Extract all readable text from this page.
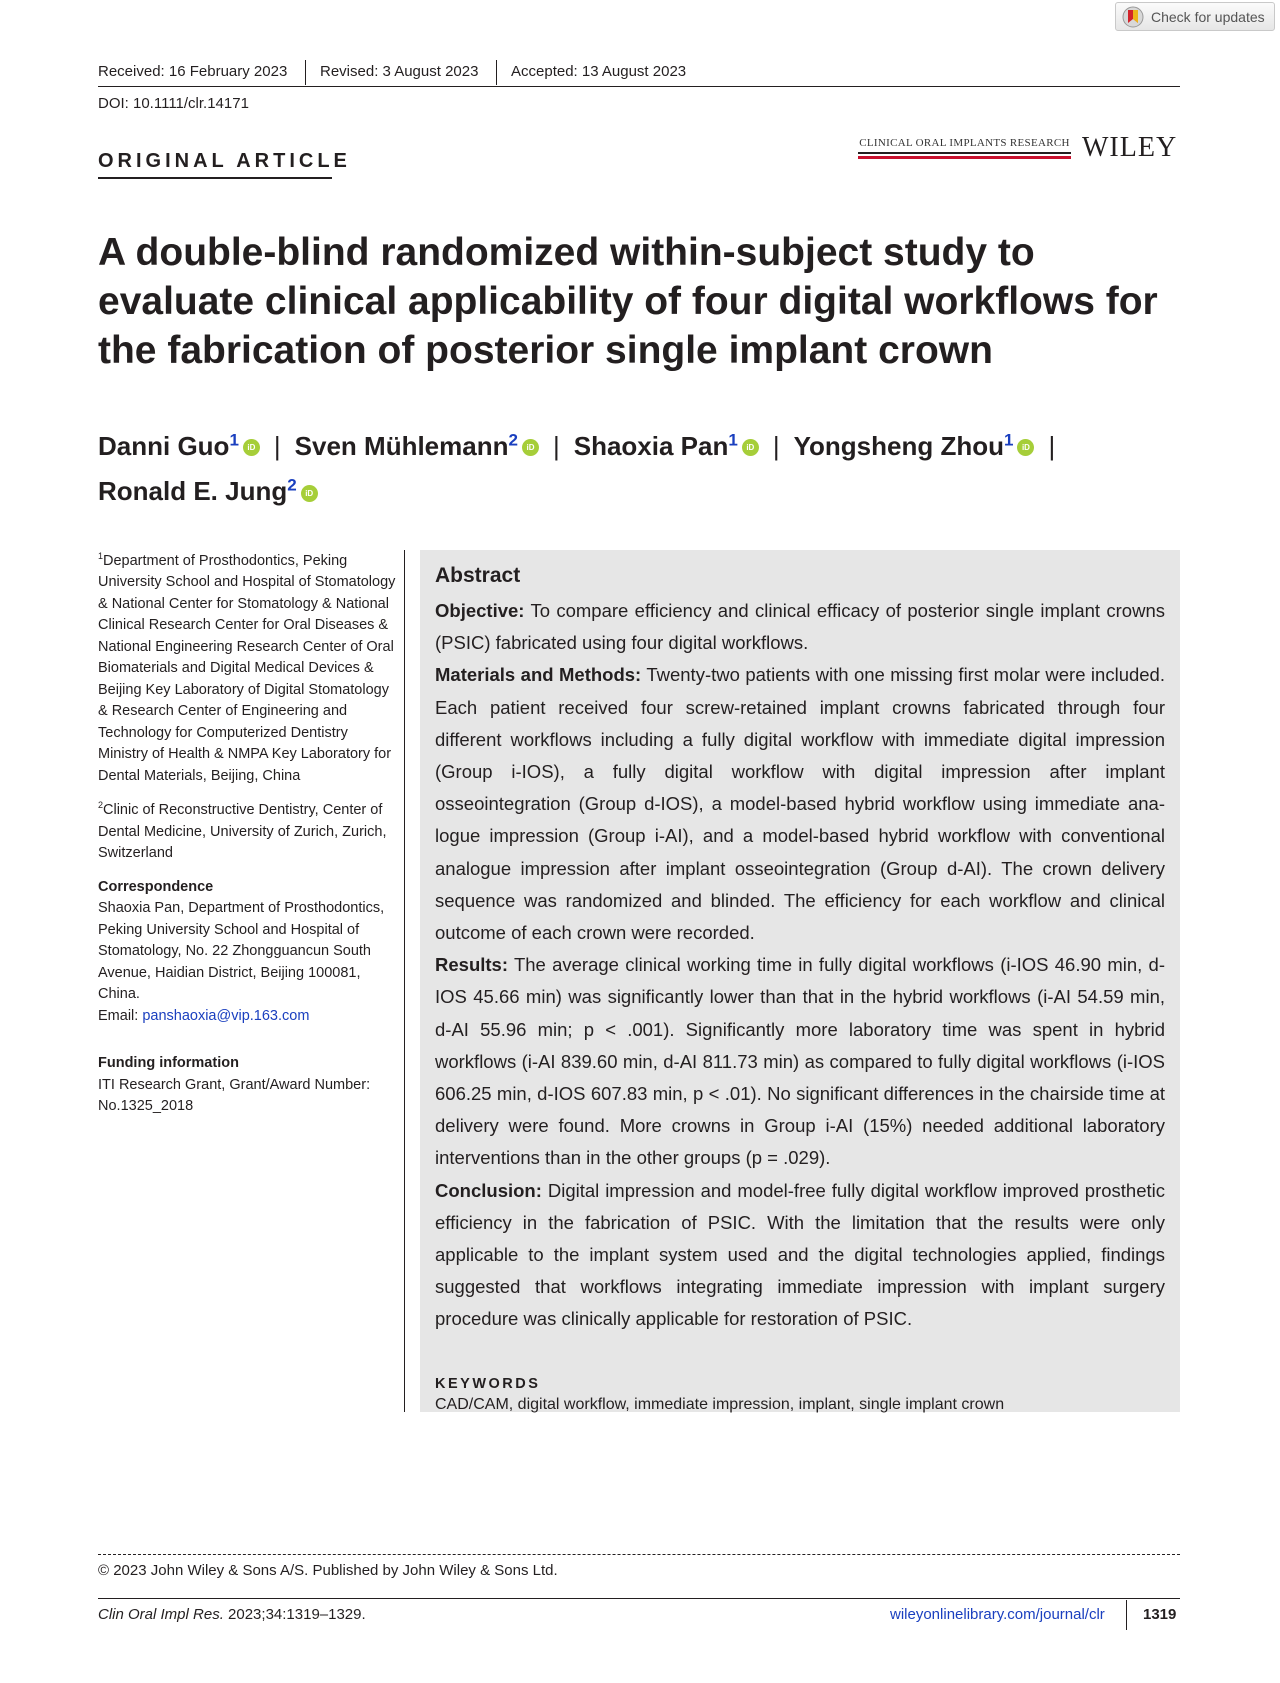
Check for updates
Received: 16 February 2023 Revised: 3 August 2023 Accepted: 13 August 2023
DOI: 10.1111/clr.14171
ORIGINAL ARTICLE
CLINICAL ORAL IMPLANTS RESEARCH WILEY
A double-blind randomized within-subject study to evaluate clinical applicability of four digital workflows for the fabrication of posterior single implant crown
Danni Guo$^1$ iD | Sven Mühlemann$^2$ iD | Shaoxia Pan$^1$ iD | Yongsheng Zhou$^1$ iD |
Ronald E. Jung$^2$ iD

$^1$Department of Prosthodontics, Peking University School and Hospital of Stomatology & National Center for Stomatology & National Clinical Research Center for Oral Diseases & National Engineering Research Center of Oral Biomaterials and Digital Medical Devices & Beijing Key Laboratory of Digital Stomatology & Research Center of Engineering and Technology for Computerized Dentistry Ministry of Health & NMPA Key Laboratory for Dental Materials, Beijing, China

$^2$Clinic of Reconstructive Dentistry, Center of Dental Medicine, University of Zurich, Zurich, Switzerland

Correspondence
Shaoxia Pan, Department of Prosthodontics, Peking University School and Hospital of Stomatology, No. 22 Zhongguancun South Avenue, Haidian District, Beijing 100081, China.
Email: panshaoxia@vip.163.com
Funding information
ITI Research Grant, Grant/Award Number: No.1325_2018
Abstract

Objective: To compare efficiency and clinical efficacy of posterior single implant crowns (PSIC) fabricated using four digital workflows.

Materials and Methods: Twenty-two patients with one missing first molar were included. Each patient received four screw-retained implant crowns fabricated through four different workflows including a fully digital workflow with immediate digital impression (Group i-IOS), a fully digital workflow with digital impression after implant osseointegration (Group d-IOS), a model-based hybrid workflow using immediate analogue impression (Group i-AI), and a model-based hybrid workflow with conventional analogue impression after implant osseointegration (Group d-AI). The crown delivery sequence was randomized and blinded. The efficiency for each workflow and clinical outcome of each crown were recorded.

Results: The average clinical working time in fully digital workflows (i-IOS 46.90 min, d-IOS 45.66 min) was significantly lower than that in the hybrid workflows (i-AI 54.59 min, d-AI 55.96 min; p < .001). Significantly more laboratory time was spent in hybrid workflows (i-AI 839.60 min, d-AI 811.73 min) as compared to fully digital workflows (i-IOS 606.25 min, d-IOS 607.83 min, p < .01). No significant differences in the chairside time at delivery were found. More crowns in Group i-AI (15%) needed additional laboratory interventions than in the other groups (p = .029).

Conclusion: Digital impression and model-free fully digital workflow improved prosthetic efficiency in the fabrication of PSIC. With the limitation that the results were only applicable to the implant system used and the digital technologies applied, findings suggested that workflows integrating immediate impression with implant surgery procedure was clinically applicable for restoration of PSIC.

KEYWORDS

CAD/CAM, digital workflow, immediate impression, implant, single implant crown

© 2023 John Wiley & Sons A/S. Published by John Wiley & Sons Ltd.
Clin Oral Impl Res. 2023;34:1319–1329.	wileyonlinelibrary.com/journal/clr	1319
